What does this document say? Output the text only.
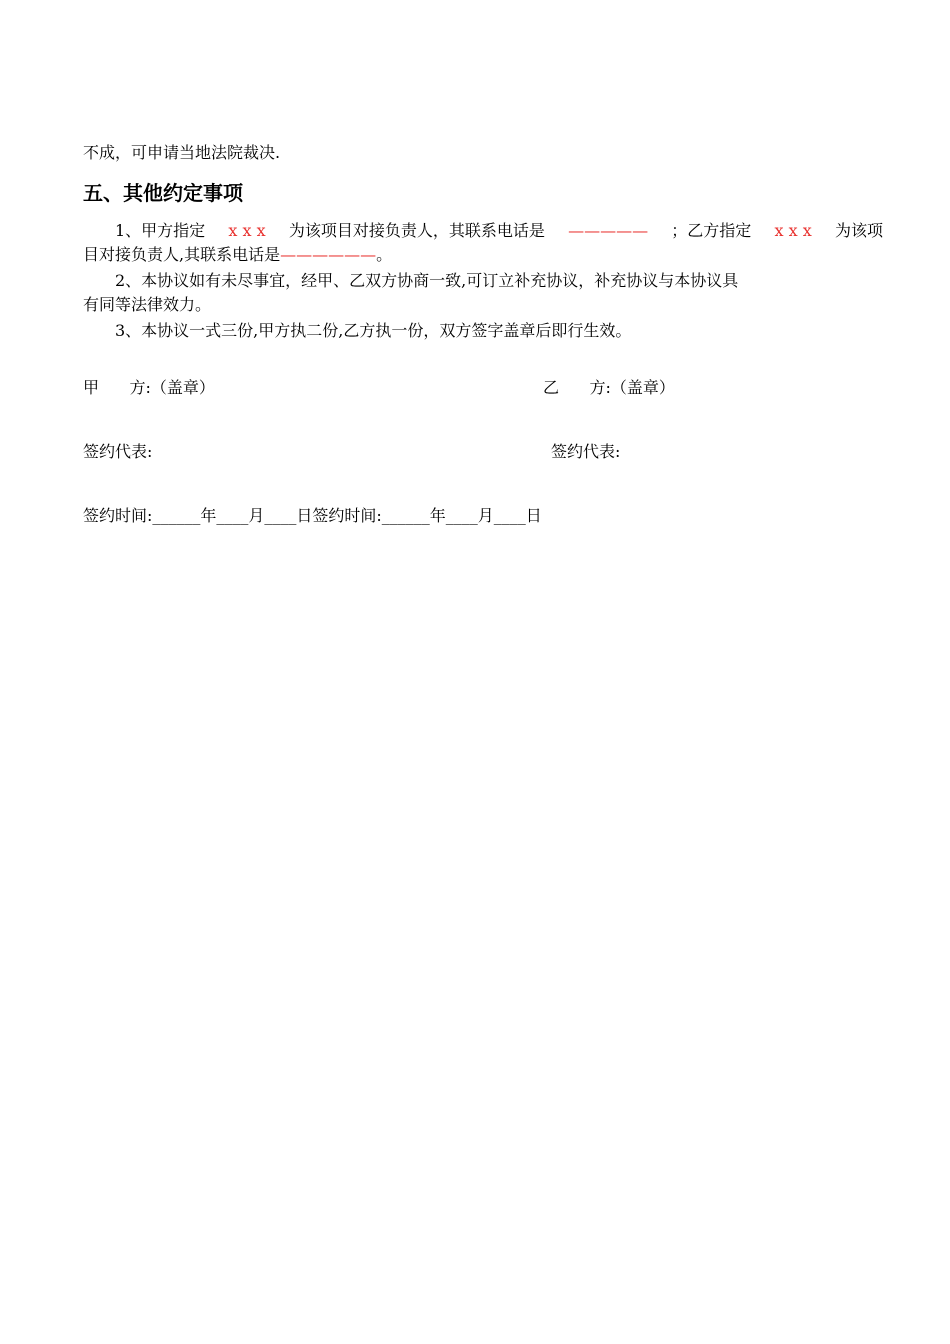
不成，可申请当地法院裁决.
五、其他约定事项
1、甲方指定 x x x 为该项目对接负责人，其联系电话是 ————— ；乙方指定 x x x 为该项
目对接负责人,其联系电话是——————。
2、本协议如有未尽事宜，经甲、乙双方协商一致,可订立补充协议，补充协议与本协议具
有同等法律效力。
3、本协议一式三份,甲方执二份,乙方执一份，双方签字盖章后即行生效。
甲      方:（盖章）	乙      方:（盖章）
签约代表:	签约代表:
签约时间:______年____月____日签约时间:______年____月____日
